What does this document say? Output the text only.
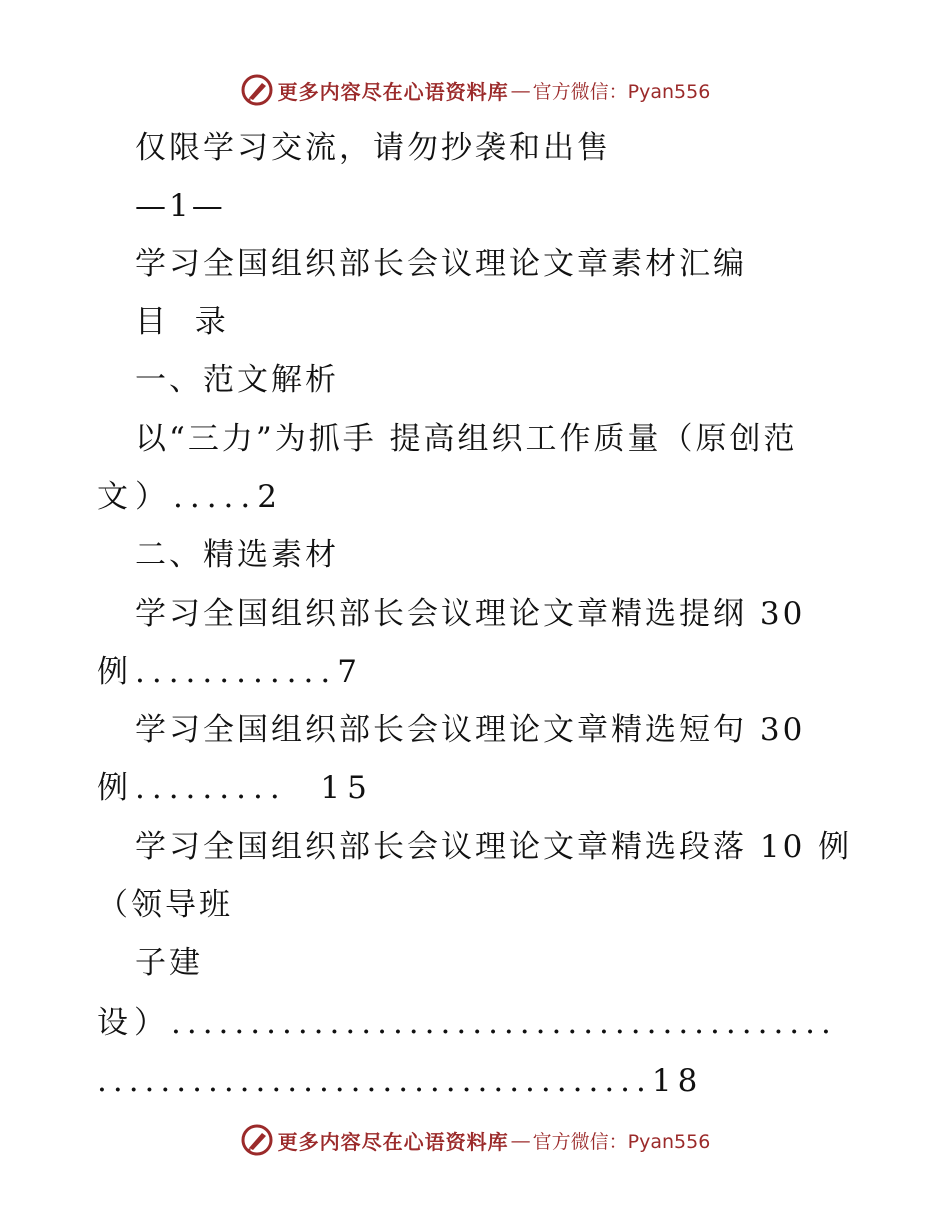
更多内容尽在心语资料库 — 官方微信：Pyan556
仅限学习交流，请勿抄袭和出售
—1—
学习全国组织部长会议理论文章素材汇编
目  录
一、范文解析
以“三力”为抓手 提高组织工作质量（原创范
文）.....2
二、精选素材
学习全国组织部长会议理论文章精选提纲 30
例............7
学习全国组织部长会议理论文章精选短句 30
例.........  15
学习全国组织部长会议理论文章精选段落 10 例
（领导班
子建
设）..........................................
...................................18
更多内容尽在心语资料库 — 官方微信：Pyan556
